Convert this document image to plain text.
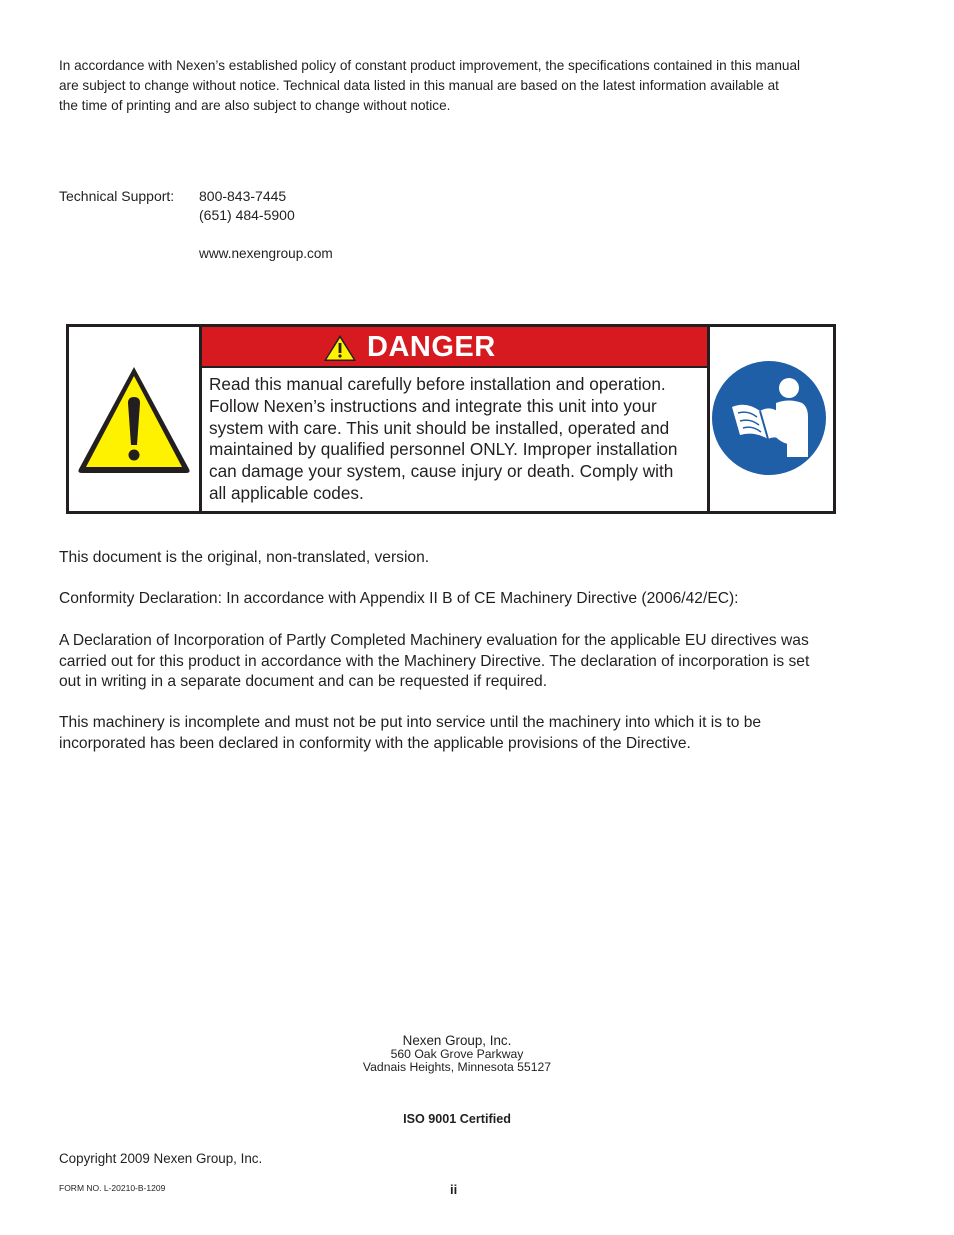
In accordance with Nexen’s established policy of constant product improvement, the specifications contained in this manual
are subject to change without notice. Technical data listed in this manual are based on the latest information available at
the time of printing and are also subject to change without notice.
Technical Support: 800-843-7445
(651) 484-5900
www.nexengroup.com
DANGER
Read this manual carefully before installation and operation.
Follow Nexen’s instructions and integrate this unit into your
system with care. This unit should be installed, operated and
maintained by qualified personnel ONLY. Improper installation
can damage your system, cause injury or death. Comply with
all applicable codes.
This document is the original, non-translated, version.
Conformity Declaration: In accordance with Appendix II B of CE Machinery Directive (2006/42/EC):
A Declaration of Incorporation of Partly Completed Machinery evaluation for the applicable EU directives was
carried out for this product in accordance with the Machinery Directive. The declaration of incorporation is set
out in writing in a separate document and can be requested if required.
This machinery is incomplete and must not be put into service until the machinery into which it is to be
incorporated has been declared in conformity with the applicable provisions of the Directive.
Nexen Group, Inc.
560 Oak Grove Parkway
Vadnais Heights, Minnesota 55127
ISO 9001 Certified
Copyright 2009 Nexen Group, Inc.
FORM NO. L-20210-B-1209	ii
